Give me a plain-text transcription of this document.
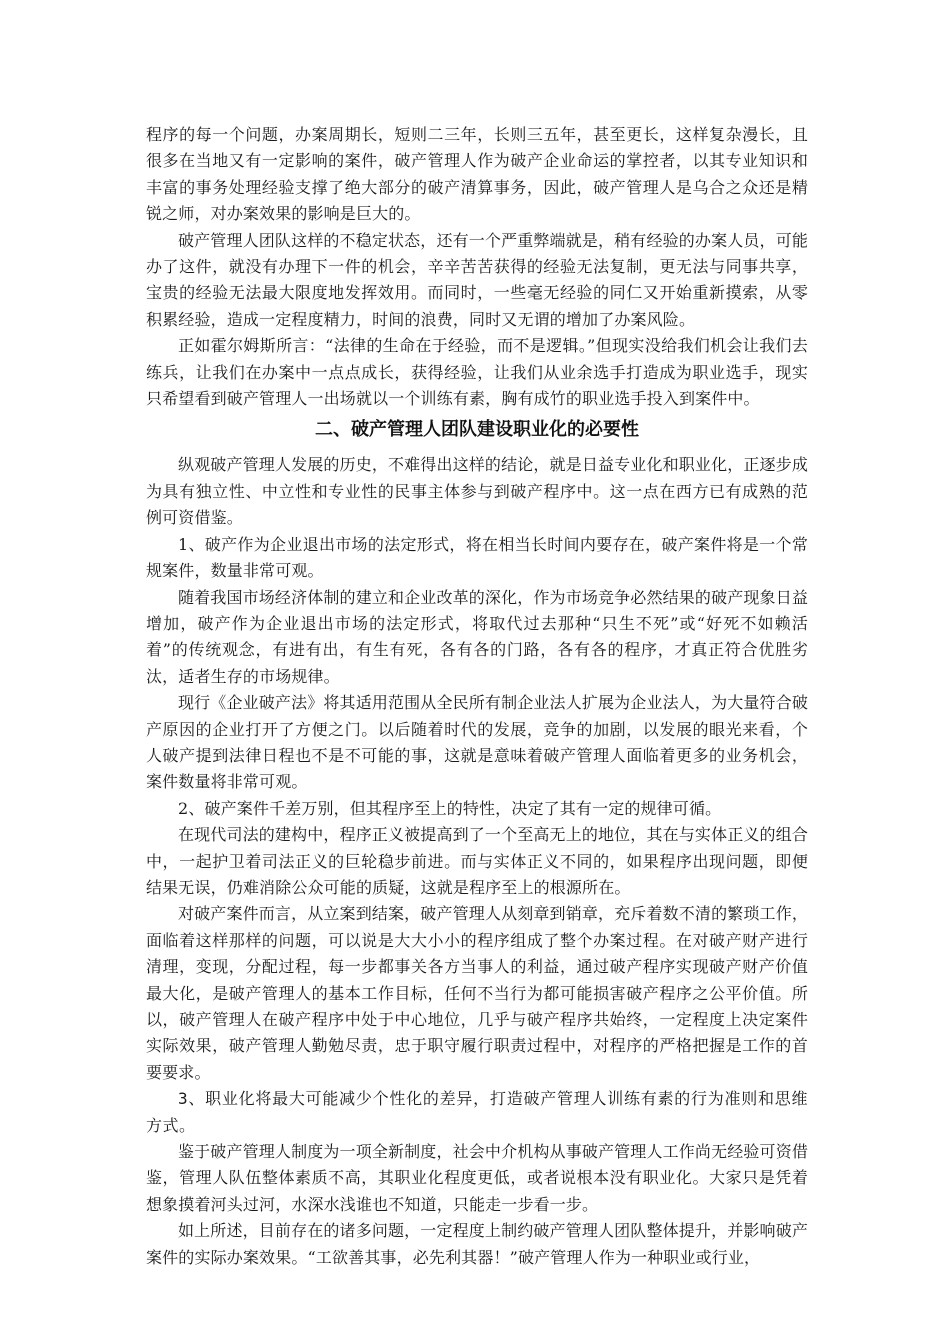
程序的每一个问题，办案周期长，短则二三年，长则三五年，甚至更长，这样复杂漫长，且很多在当地又有一定影响的案件，破产管理人作为破产企业命运的掌控者，以其专业知识和丰富的事务处理经验支撑了绝大部分的破产清算事务，因此，破产管理人是乌合之众还是精锐之师，对办案效果的影响是巨大的。

破产管理人团队这样的不稳定状态，还有一个严重弊端就是，稍有经验的办案人员，可能办了这件，就没有办理下一件的机会，辛辛苦苦获得的经验无法复制，更无法与同事共享，宝贵的经验无法最大限度地发挥效用。而同时，一些毫无经验的同仁又开始重新摸索，从零积累经验，造成一定程度精力，时间的浪费，同时又无谓的增加了办案风险。

正如霍尔姆斯所言：“法律的生命在于经验，而不是逻辑。”但现实没给我们机会让我们去练兵，让我们在办案中一点点成长，获得经验，让我们从业余选手打造成为职业选手，现实只希望看到破产管理人一出场就以一个训练有素，胸有成竹的职业选手投入到案件中。

二、破产管理人团队建设职业化的必要性

纵观破产管理人发展的历史，不难得出这样的结论，就是日益专业化和职业化，正逐步成为具有独立性、中立性和专业性的民事主体参与到破产程序中。这一点在西方已有成熟的范例可资借鉴。

1、破产作为企业退出市场的法定形式，将在相当长时间内要存在，破产案件将是一个常规案件，数量非常可观。

随着我国市场经济体制的建立和企业改革的深化，作为市场竞争必然结果的破产现象日益增加，破产作为企业退出市场的法定形式，将取代过去那种“只生不死”或“好死不如赖活着”的传统观念，有进有出，有生有死，各有各的门路，各有各的程序，才真正符合优胜劣汰，适者生存的市场规律。

现行《企业破产法》将其适用范围从全民所有制企业法人扩展为企业法人，为大量符合破产原因的企业打开了方便之门。以后随着时代的发展，竞争的加剧，以发展的眼光来看，个人破产提到法律日程也不是不可能的事，这就是意味着破产管理人面临着更多的业务机会，案件数量将非常可观。

2、破产案件千差万别，但其程序至上的特性，决定了其有一定的规律可循。

在现代司法的建构中，程序正义被提高到了一个至高无上的地位，其在与实体正义的组合中，一起护卫着司法正义的巨轮稳步前进。而与实体正义不同的，如果程序出现问题，即便结果无误，仍难消除公众可能的质疑，这就是程序至上的根源所在。

对破产案件而言，从立案到结案，破产管理人从刻章到销章，充斥着数不清的繁琐工作，面临着这样那样的问题，可以说是大大小小的程序组成了整个办案过程。在对破产财产进行清理，变现，分配过程，每一步都事关各方当事人的利益，通过破产程序实现破产财产价值最大化，是破产管理人的基本工作目标，任何不当行为都可能损害破产程序之公平价值。所以，破产管理人在破产程序中处于中心地位，几乎与破产程序共始终，一定程度上决定案件实际效果，破产管理人勤勉尽责，忠于职守履行职责过程中，对程序的严格把握是工作的首要要求。

3、职业化将最大可能减少个性化的差异，打造破产管理人训练有素的行为准则和思维方式。

鉴于破产管理人制度为一项全新制度，社会中介机构从事破产管理人工作尚无经验可资借鉴，管理人队伍整体素质不高，其职业化程度更低，或者说根本没有职业化。大家只是凭着想象摸着河头过河，水深水浅谁也不知道，只能走一步看一步。

如上所述，目前存在的诸多问题，一定程度上制约破产管理人团队整体提升，并影响破产案件的实际办案效果。“工欲善其事，必先利其器！”破产管理人作为一种职业或行业，
